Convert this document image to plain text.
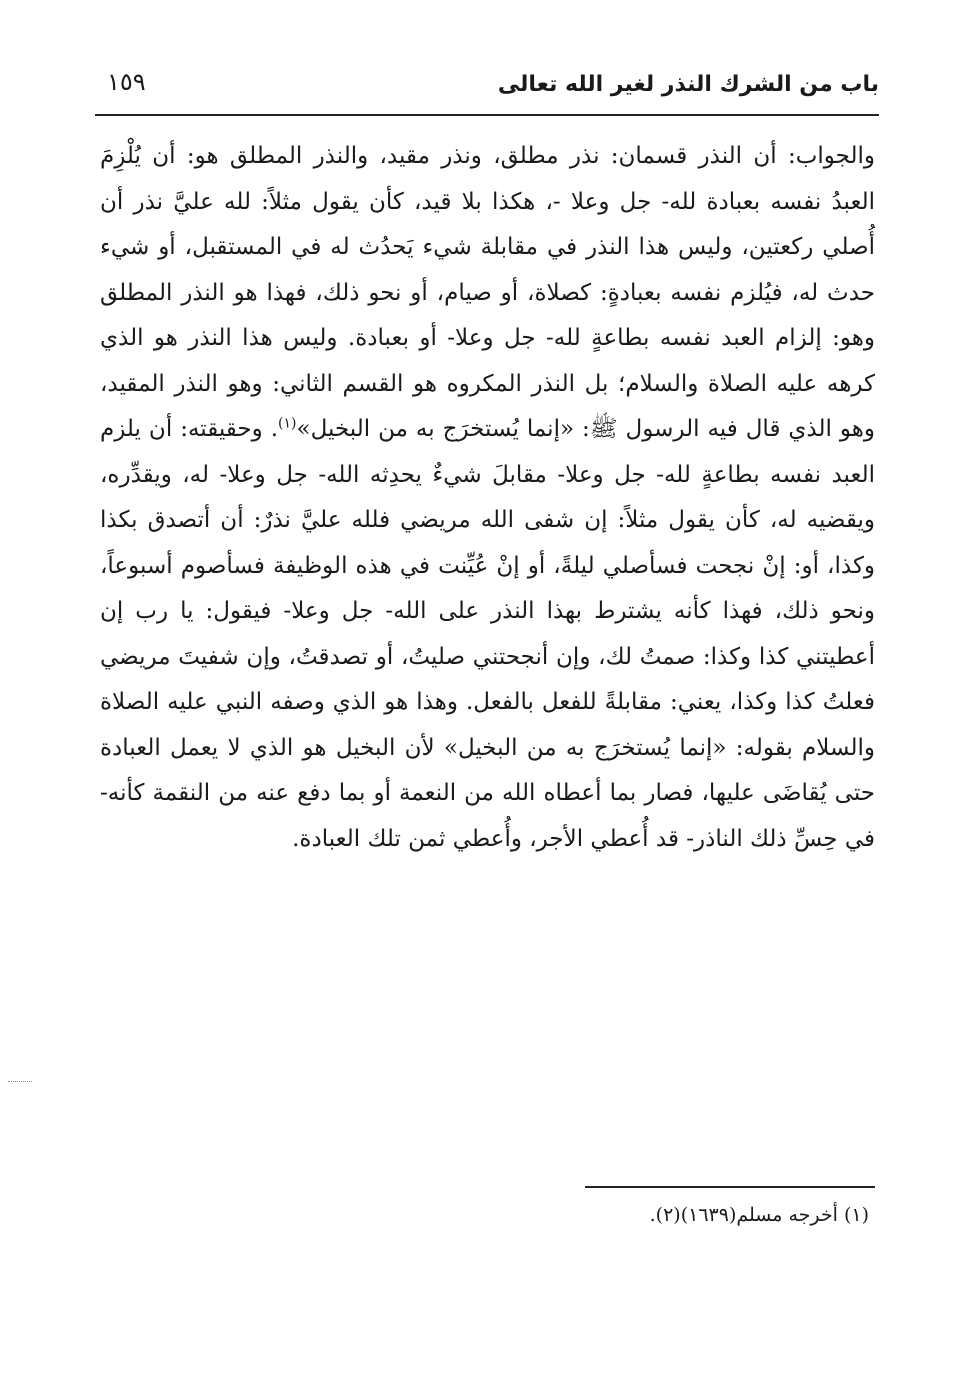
باب من الشرك النذر لغير الله تعالى
١٥٩

والجواب: أن النذر قسمان: نذر مطلق، ونذر مقيد، والنذر المطلق هو: أن يُلْزِمَ العبدُ نفسه بعبادة لله- جل وعلا -، هكذا بلا قيد، كأن يقول مثلاً: لله عليَّ نذر أن أُصلي ركعتين، وليس هذا النذر في مقابلة شيء يَحدُث له في المستقبل، أو شيء حدث له، فيُلزم نفسه بعبادةٍ: كصلاة، أو صيام، أو نحو ذلك، فهذا هو النذر المطلق وهو: إلزام العبد نفسه بطاعةٍ لله- جل وعلا- أو بعبادة. وليس هذا النذر هو الذي كرهه عليه الصلاة والسلام؛ بل النذر المكروه هو القسم الثاني: وهو النذر المقيد، وهو الذي قال فيه الرسول ﷺ: «إنما يُستخرَج به من البخيل»$^{(١)}$. وحقيقته: أن يلزم العبد نفسه بطاعةٍ لله- جل وعلا- مقابلَ شيءٌ يحدِثه الله- جل وعلا- له، ويقدِّره، ويقضيه له، كأن يقول مثلاً: إن شفى الله مريضي فلله عليَّ نذرٌ: أن أتصدق بكذا وكذا، أو: إنْ نجحت فسأصلي ليلةً، أو إنْ عُيِّنت في هذه الوظيفة فسأصوم أسبوعاً، ونحو ذلك، فهذا كأنه يشترط بهذا النذر على الله- جل وعلا- فيقول: يا رب إن أعطيتني كذا وكذا: صمتُ لك، وإن أنجحتني صليتُ، أو تصدقتُ، وإن شفيتَ مريضي فعلتُ كذا وكذا، يعني: مقابلةً للفعل بالفعل. وهذا هو الذي وصفه النبي عليه الصلاة والسلام بقوله: «إنما يُستخرَج به من البخيل» لأن البخيل هو الذي لا يعمل العبادة حتى يُقاضَى عليها، فصار بما أعطاه الله من النعمة أو بما دفع عنه من النقمة كأنه- في حِسِّ ذلك الناذر- قد أُعطي الأجر، وأُعطي ثمن تلك العبادة.

(١) أخرجه مسلم(١٦٣٩)(٢).
